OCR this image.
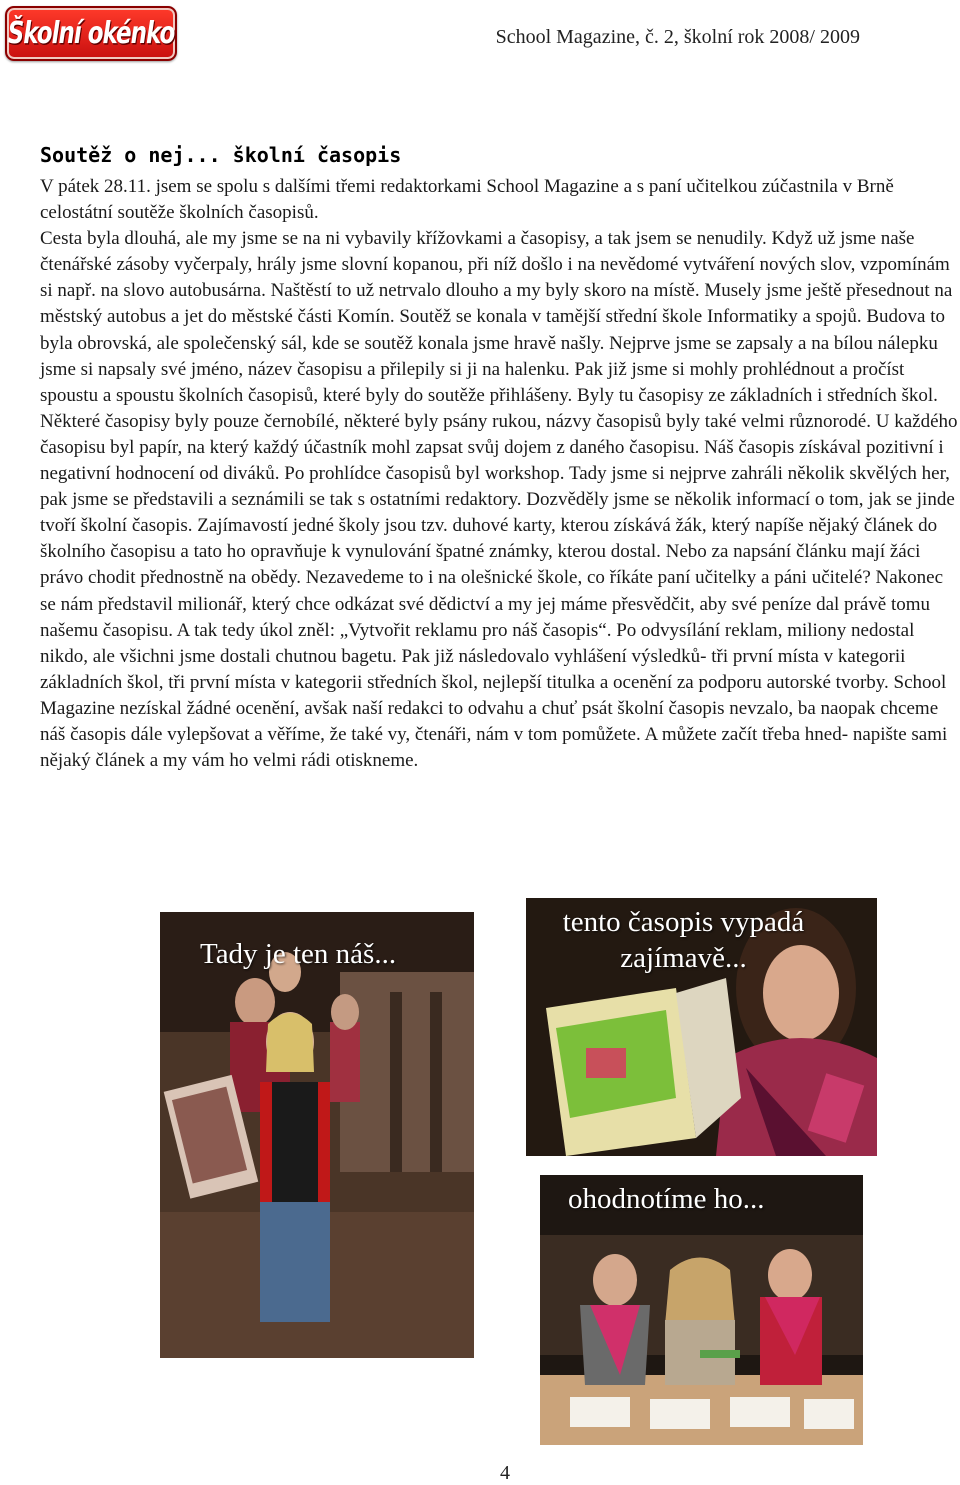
Školní okénko	School Magazine, č. 2, školní rok 2008/ 2009
Soutěž o nej... školní časopis

V pátek 28.11. jsem se spolu s dalšími třemi redaktorkami School Magazine a s paní učitelkou zúčastnila v Brně celostátní soutěže školních časopisů.

Cesta byla dlouhá, ale my jsme se na ni vybavily křížovkami a časopisy, a tak jsem se nenudily. Když už jsme naše čtenářské zásoby vyčerpaly, hrály jsme slovní kopanou, při níž došlo i na nevědomé vytváření nových slov, vzpomínám si např. na slovo autobusárna. Naštěstí to už netrvalo dlouho a my byly skoro na místě. Musely jsme ještě přesednout na městský autobus a jet do městské části Komín. Soutěž se konala v tamější střední škole Informatiky a spojů. Budova to byla obrovská, ale společenský sál, kde se soutěž konala jsme hravě našly. Nejprve jsme se zapsaly a na bílou nálepku jsme si napsaly své jméno, název časopisu a přilepily si ji na halenku. Pak již jsme si mohly prohlédnout a pročíst spoustu a spoustu školních časopisů, které byly do soutěže přihlášeny. Byly tu časopisy ze základních i středních škol. Některé časopisy byly pouze černobílé, některé byly psány rukou, názvy časopisů byly také velmi různorodé. U každého časopisu byl papír, na který každý účastník mohl zapsat svůj dojem z daného časopisu. Náš časopis získával pozitivní i negativní hodnocení od diváků. Po prohlídce časopisů byl workshop. Tady jsme si nejprve zahráli několik skvělých her, pak jsme se představili a seznámili se tak s ostatními redaktory. Dozvěděly jsme se několik informací o tom, jak se jinde tvoří školní časopis. Zajímavostí jedné školy jsou tzv. duhové karty, kterou získává žák, který napíše nějaký článek do školního časopisu a tato ho opravňuje k vynulování špatné známky, kterou dostal. Nebo za napsání článku mají žáci právo chodit přednostně na obědy. Nezavedeme to i na olešnické škole, co říkáte paní učitelky a páni učitelé? Nakonec se nám představil milionář, který chce odkázat své dědictví a my jej máme přesvědčit, aby své peníze dal právě tomu našemu časopisu. A tak tedy úkol zněl: „Vytvořit reklamu pro náš časopis“. Po odvysílání reklam, miliony nedostal nikdo, ale všichni jsme dostali chutnou bagetu. Pak již následovalo vyhlášení výsledků- tři první místa v kategorii základních škol, tři první místa v kategorii středních škol, nejlepší titulka a ocenění za podporu autorské tvorby. School Magazine nezískal žádné ocenění, avšak naší redakci to odvahu a chuť psát školní časopis nevzalo, ba naopak chceme náš časopis dále vylepšovat a věříme, že také vy, čtenáři, nám v tom pomůžete. A můžete začít třeba hned- napište sami nějaký článek a my vám ho velmi rádi otiskneme.

Tady je ten náš...
tento časopis vypadá zajímavě...
ohodnotíme ho...
4
